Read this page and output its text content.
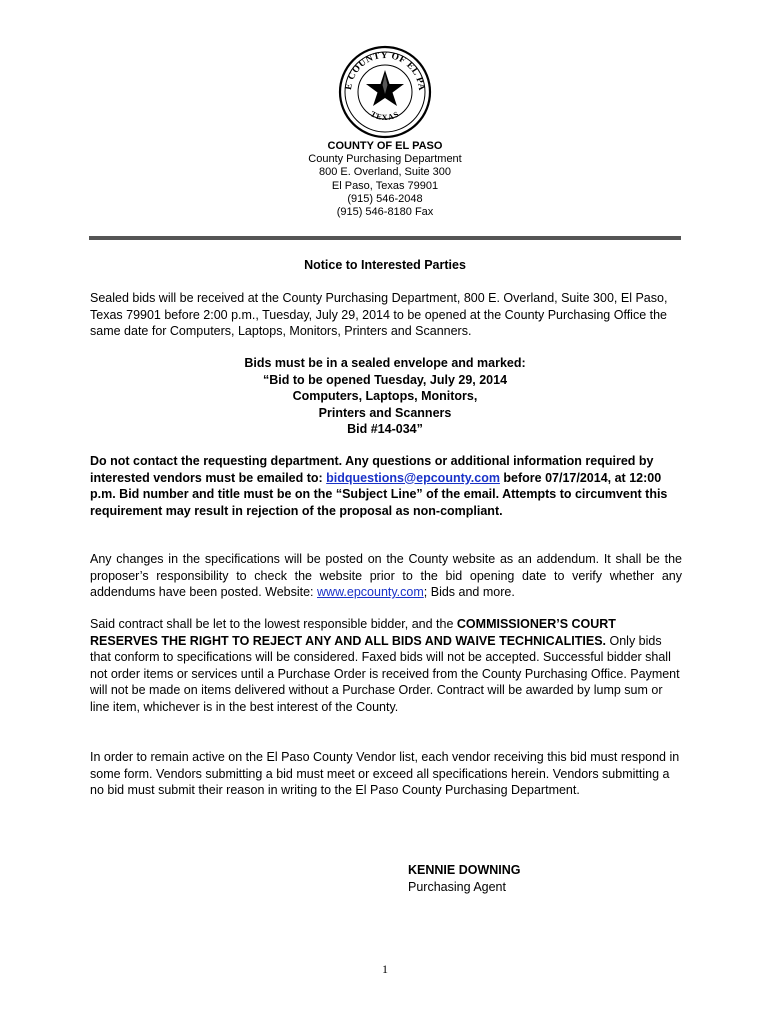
E COUNTY OF EL PA
TEXAS
COUNTY OF EL PASO
County Purchasing Department
800 E. Overland, Suite 300
El Paso, Texas 79901
(915) 546-2048
(915) 546-8180 Fax
Notice to Interested Parties
Sealed bids will be received at the County Purchasing Department, 800 E. Overland, Suite 300, El Paso, Texas 79901 before 2:00 p.m., Tuesday, July 29, 2014 to be opened at the County Purchasing Office the same date for Computers, Laptops, Monitors, Printers and Scanners.
Bids must be in a sealed envelope and marked:
“Bid to be opened Tuesday, July 29, 2014
Computers, Laptops, Monitors,
Printers and Scanners
Bid #14-034”
Do not contact the requesting department. Any questions or additional information required by interested vendors must be emailed to: bidquestions@epcounty.com before 07/17/2014, at 12:00 p.m. Bid number and title must be on the “Subject Line” of the email. Attempts to circumvent this requirement may result in rejection of the proposal as non-compliant.
Any changes in the specifications will be posted on the County website as an addendum. It shall be the proposer’s responsibility to check the website prior to the bid opening date to verify whether any addendums have been posted. Website: www.epcounty.com; Bids and more.
Said contract shall be let to the lowest responsible bidder, and the COMMISSIONER’S COURT RESERVES THE RIGHT TO REJECT ANY AND ALL BIDS AND WAIVE TECHNICALITIES. Only bids that conform to specifications will be considered. Faxed bids will not be accepted. Successful bidder shall not order items or services until a Purchase Order is received from the County Purchasing Office. Payment will not be made on items delivered without a Purchase Order. Contract will be awarded by lump sum or line item, whichever is in the best interest of the County.
In order to remain active on the El Paso County Vendor list, each vendor receiving this bid must respond in some form. Vendors submitting a bid must meet or exceed all specifications herein. Vendors submitting a no bid must submit their reason in writing to the El Paso County Purchasing Department.
KENNIE DOWNING
Purchasing Agent
1
